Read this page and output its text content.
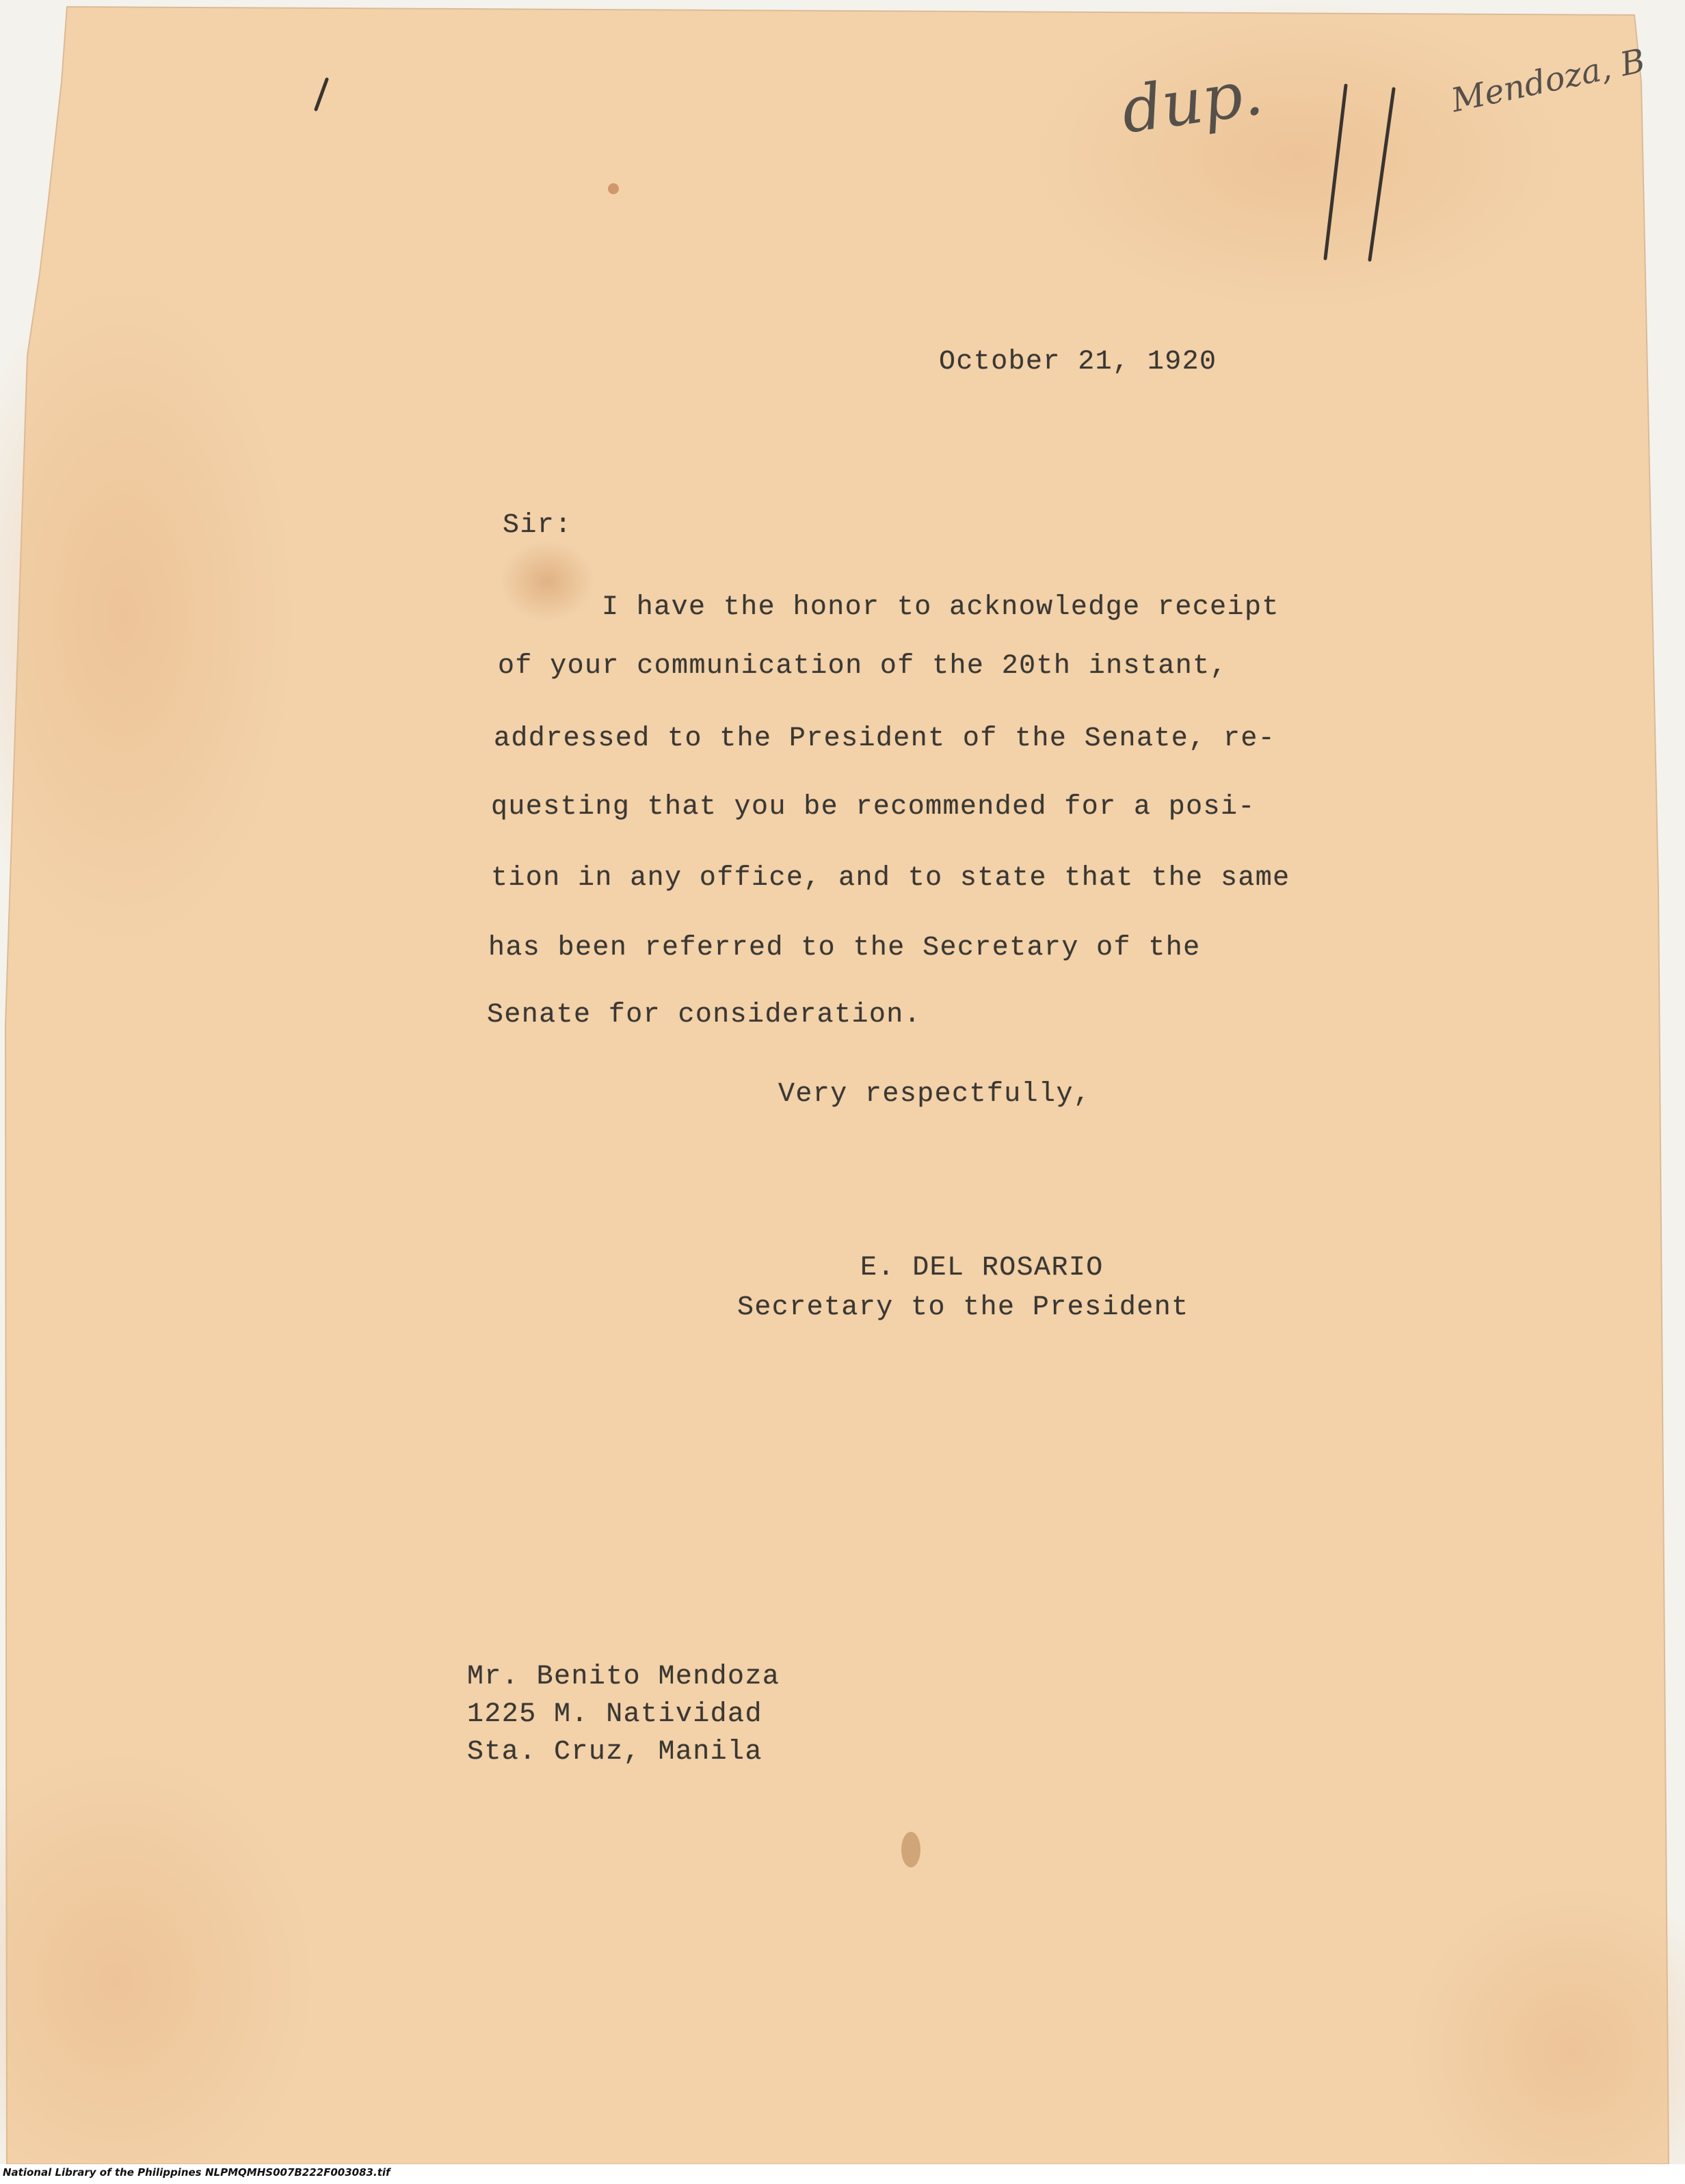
dup.	Mendoza, B
October 21, 1920
Sir:
I have the honor to acknowledge receipt
of your communication of the 20th instant,
addressed to the President of the Senate, re-
questing that you be recommended for a posi-
tion in any office, and to state that the same
has been referred to the Secretary of the
Senate for consideration.
Very respectfully,
E. DEL ROSARIO
Secretary to the President
Mr. Benito Mendoza
1225 M. Natividad
Sta. Cruz, Manila
National Library of the Philippines NLPMQMHS007B222F003083.tif
